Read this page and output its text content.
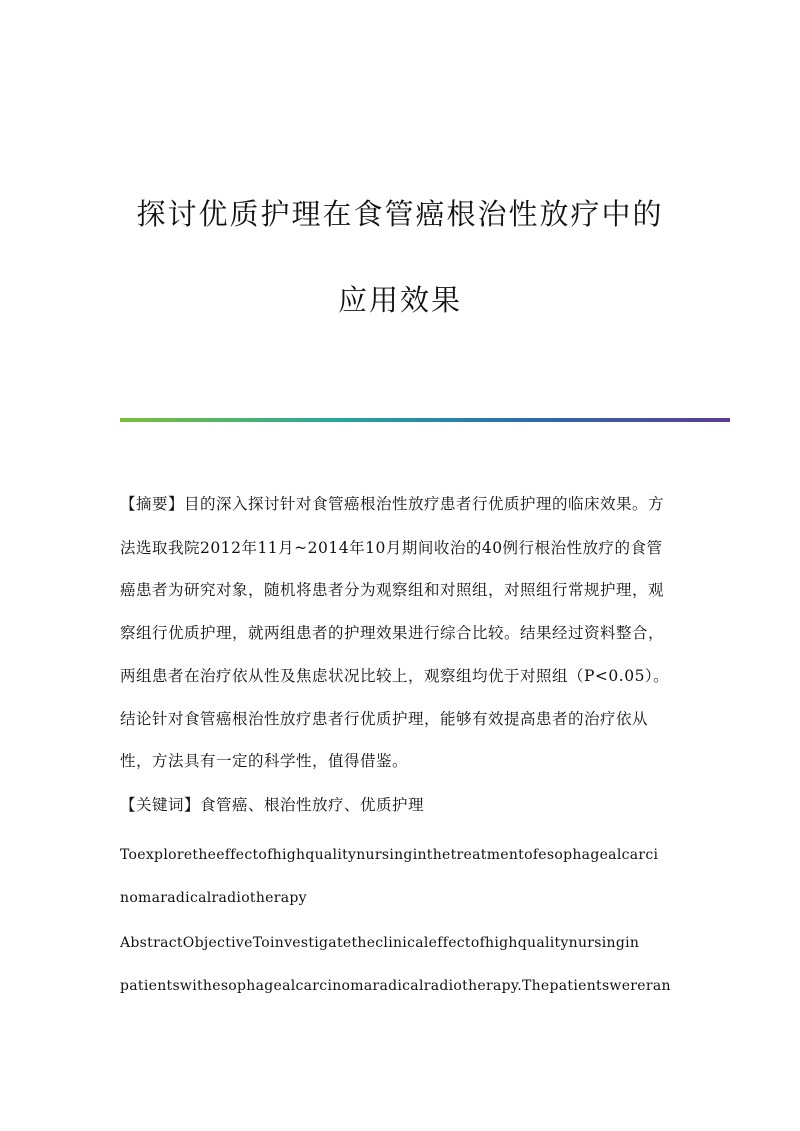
探讨优质护理在食管癌根治性放疗中的
应用效果
【摘要】目的深入探讨针对食管癌根治性放疗患者行优质护理的临床效果。方
法选取我院2012年11月~2014年10月期间收治的40例行根治性放疗的食管
癌患者为研究对象，随机将患者分为观察组和对照组，对照组行常规护理，观
察组行优质护理，就两组患者的护理效果进行综合比较。结果经过资料整合，
两组患者在治疗依从性及焦虑状况比较上，观察组均优于对照组（P<0.05）。
结论针对食管癌根治性放疗患者行优质护理，能够有效提高患者的治疗依从
性，方法具有一定的科学性，值得借鉴。
【关键词】食管癌、根治性放疗、优质护理
Toexploretheeffectofhighqualitynursinginthetreatmentofesophagealcarci
nomaradicalradiotherapy
AbstractObjectiveToinvestigatetheclinicaleffectofhighqualitynursingin
patientswithesophagealcarcinomaradicalradiotherapy.Thepatientswereran
